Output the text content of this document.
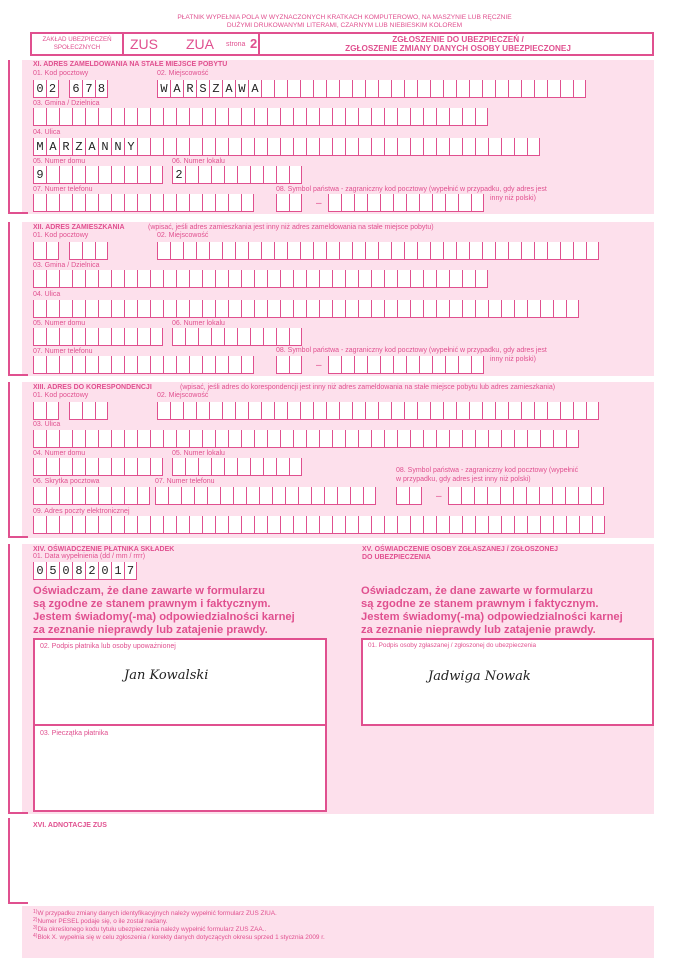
PŁATNIK WYPEŁNIA POLA W WYZNACZONYCH KRATKACH KOMPUTEROWO, NA MASZYNIE LUB RĘCZNIE
DUŻYMI DRUKOWANYMI LITERAMI, CZARNYM LUB NIEBIESKIM KOLOREM
ZAKŁAD UBEZPIECZEŃ
SPOŁECZNYCH	ZUS ZUA strona 2	ZGŁOSZENIE DO UBEZPIECZEŃ /
ZGŁOSZENIE ZMIANY DANYCH OSOBY UBEZPIECZONEJ
XI. ADRES ZAMELDOWANIA NA STAŁE MIEJSCE POBYTU
01. Kod pocztowy	02. Miejscowość
0 2 6 7 8	W A R S Z A W A
03. Gmina / Dzielnica
04. Ulica
M A R Z A N N Y
05. Numer domu	06. Numer lokalu
9	2
07. Numer telefonu	08. Symbol państwa - zagraniczny kod pocztowy (wypełnić w przypadku, gdy adres jest
inny niż polski)
–
XII. ADRES ZAMIESZKANIA	(wpisać, jeśli adres zamieszkania jest inny niż adres zameldowania na stałe miejsce pobytu)
01. Kod pocztowy	02. Miejscowość
03. Gmina / Dzielnica
04. Ulica
05. Numer domu	06. Numer lokalu
07. Numer telefonu	08. Symbol państwa - zagraniczny kod pocztowy (wypełnić w przypadku, gdy adres jest
inny niż polski)
–
XIII. ADRES DO KORESPONDENCJI	(wpisać, jeśli adres do korespondencji jest inny niż adres zameldowania na stałe miejsce pobytu lub adres zamieszkania)
01. Kod pocztowy	02. Miejscowość
03. Ulica
04. Numer domu	05. Numer lokalu
08. Symbol państwa - zagraniczny kod pocztowy (wypełnić
w przypadku, gdy adres jest inny niż polski)
06. Skrytka pocztowa	07. Numer telefonu
–
09. Adres poczty elektronicznej
XIV. OŚWIADCZENIE PŁATNIKA SKŁADEK
01. Data wypełnienia (dd / mm / rrrr)
0 5 0 8 2 0 1 7
Oświadczam, że dane zawarte w formularzu
są zgodne ze stanem prawnym i faktycznym.
Jestem świadomy(-ma) odpowiedzialności karnej
za zeznanie nieprawdy lub zatajenie prawdy.
02. Podpis płatnika lub osoby upoważnionej
Jan Kowalski
03. Pieczątka płatnika
XV. OŚWIADCZENIE OSOBY ZGŁASZANEJ / ZGŁOSZONEJ
DO UBEZPIECZENIA
Oświadczam, że dane zawarte w formularzu
są zgodne ze stanem prawnym i faktycznym.
Jestem świadomy(-ma) odpowiedzialności karnej
za zeznanie nieprawdy lub zatajenie prawdy.
01. Podpis osoby zgłaszanej / zgłoszonej do ubezpieczenia
Jadwiga Nowak
XVI. ADNOTACJE ZUS
$^{1)}$W przypadku zmiany danych identyfikacyjnych należy wypełnić formularz ZUS ZIUA.
$^{2)}$Numer PESEL podaje się, o ile został nadany.
$^{3)}$Dla określonego kodu tytułu ubezpieczenia należy wypełnić formularz ZUS ZAA..
$^{4)}$Blok X. wypełnia się w celu zgłoszenia / korekty danych dotyczących okresu sprzed 1 stycznia 2009 r.
